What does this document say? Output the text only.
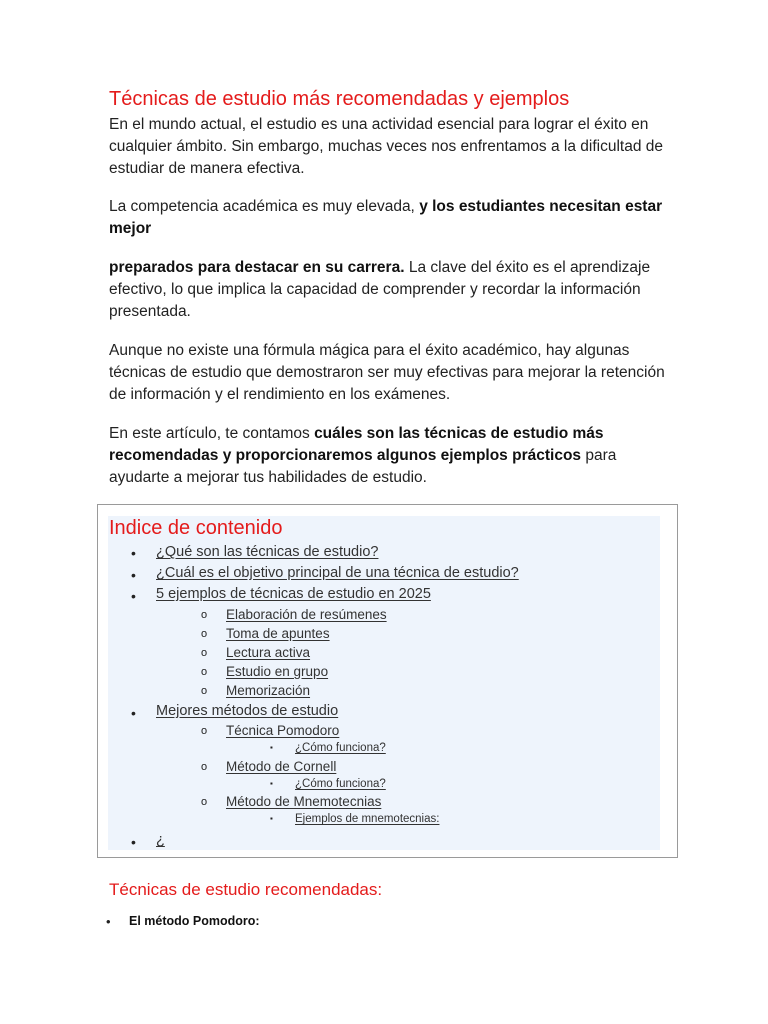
Técnicas de estudio más recomendadas y ejemplos

En el mundo actual, el estudio es una actividad esencial para lograr el éxito en cualquier ámbito. Sin embargo, muchas veces nos enfrentamos a la dificultad de estudiar de manera efectiva.

La competencia académica es muy elevada, y los estudiantes necesitan estar mejor

preparados para destacar en su carrera. La clave del éxito es el aprendizaje efectivo, lo que implica la capacidad de comprender y recordar la información presentada.

Aunque no existe una fórmula mágica para el éxito académico, hay algunas técnicas de estudio que demostraron ser muy efectivas para mejorar la retención de información y el rendimiento en los exámenes.

En este artículo, te contamos cuáles son las técnicas de estudio más recomendadas y proporcionaremos algunos ejemplos prácticos para ayudarte a mejorar tus habilidades de estudio.

Indice de contenido
• ¿Qué son las técnicas de estudio?
• ¿Cuál es el objetivo principal de una técnica de estudio?
• 5 ejemplos de técnicas de estudio en 2025
o Elaboración de resúmenes
o Toma de apuntes
o Lectura activa
o Estudio en grupo
o Memorización
• Mejores métodos de estudio
o Técnica Pomodoro
▪ ¿Cómo funciona?
o Método de Cornell
▪ ¿Cómo funciona?
o Método de Mnemotecnias
▪ Ejemplos de mnemotecnias:
• ¿
Técnicas de estudio recomendadas:
• El método Pomodoro:
